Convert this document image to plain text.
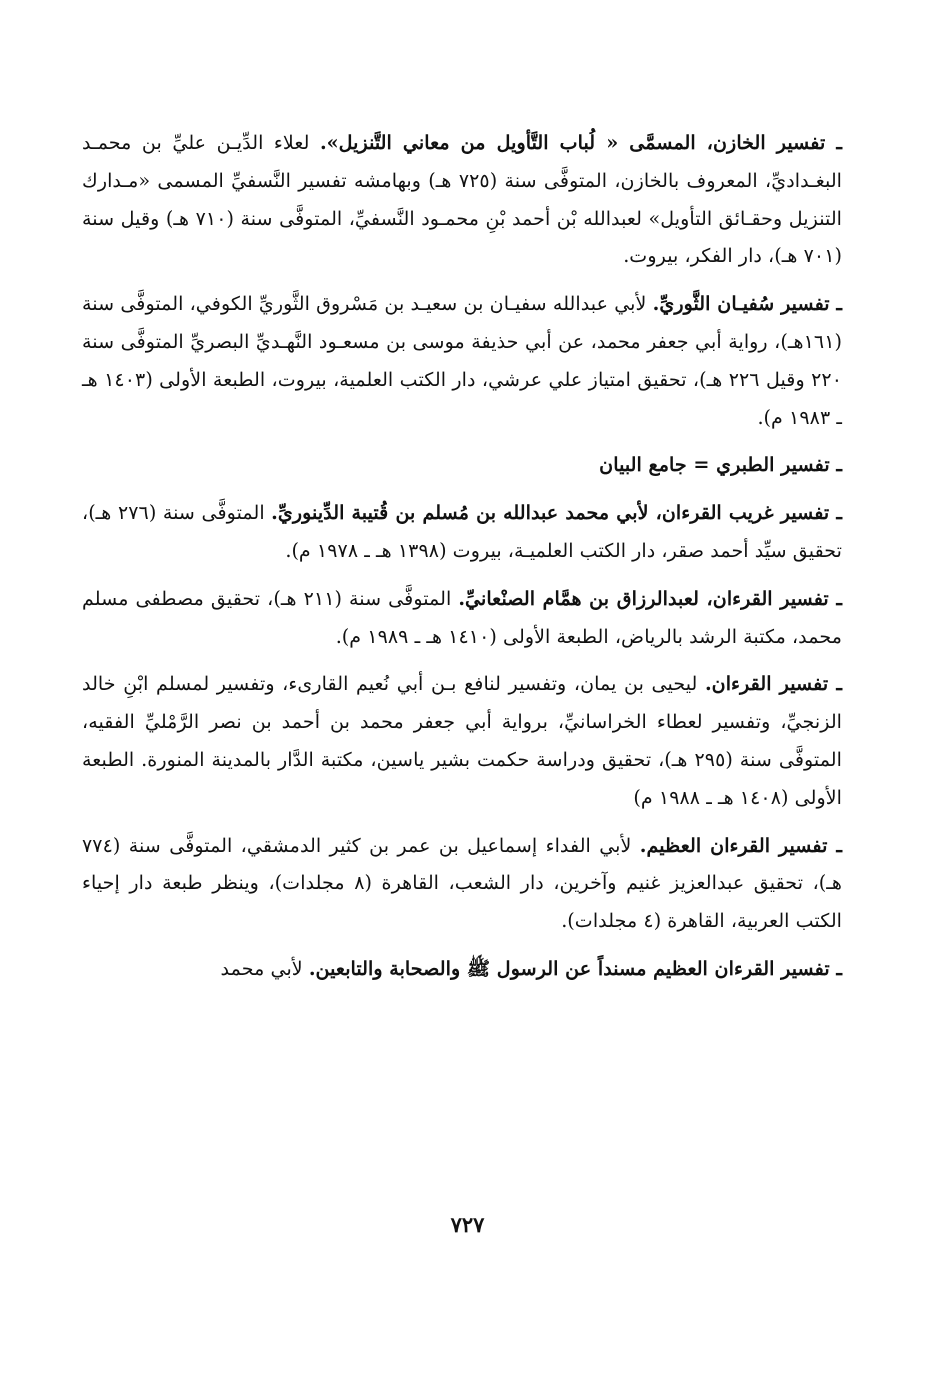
ـ تفسير الخازن، المسمَّى « لُباب التَّأويل من معاني التَّنزيل». لعلاء الدِّيـن عليِّ بن محمـد البغـداديِّ، المعروف بالخازن، المتوفَّى سنة (٧٢٥ هـ) وبهامشه تفسير النَّسفيِّ المسمى «مـدارك التنزيل وحقـائق التأويل» لعبدالله بْن أحمد بْنِ محمـود النَّسفيِّ، المتوفَّى سنة (٧١٠ هـ) وقيل سنة (٧٠١ هـ)، دار الفكر، بيروت.

ـ تفسير سُفيـان الثَّوريِّ. لأبي عبدالله سفيـان بن سعيـد بن مَسْروق الثَّوريِّ الكوفي، المتوفَّى سنة (١٦١هـ)، رواية أبي جعفر محمد، عن أبي حذيفة موسى بن مسعـود النَّهـديِّ البصريِّ المتوفَّى سنة ٢٢٠ وقيل ٢٢٦ هـ)، تحقيق امتياز علي عرشي، دار الكتب العلمية، بيروت، الطبعة الأولى (١٤٠٣ هـ ـ ١٩٨٣ م).

ـ تفسير الطبري = جامع البيان

ـ تفسير غريب القرءان، لأبي محمد عبدالله بن مُسلم بن قُتيبة الدِّينوريِّ. المتوفَّى سنة (٢٧٦ هـ)، تحقيق سيِّد أحمد صقر، دار الكتب العلميـة، بيروت (١٣٩٨ هـ ـ ١٩٧٨ م).

ـ تفسير القرءان، لعبدالرزاق بن همَّام الصنْعانيِّ. المتوفَّى سنة (٢١١ هـ)، تحقيق مصطفى مسلم محمد، مكتبة الرشد بالرياض، الطبعة الأولى (١٤١٠ هـ ـ ١٩٨٩ م).

ـ تفسير القرءان. ليحيى بن يمان، وتفسير لنافع بـن أبي نُعيم القارىء، وتفسير لمسلم ابْنِ خالد الزنجيِّ، وتفسير لعطاء الخراسانيِّ، برواية أبي جعفر محمد بن أحمد بن نصر الرَّمْليِّ الفقيه، المتوفَّى سنة (٢٩٥ هـ)، تحقيق ودراسة حكمت بشير ياسين، مكتبة الدَّار بالمدينة المنورة. الطبعة الأولى (١٤٠٨ هـ ـ ١٩٨٨ م)

ـ تفسير القرءان العظيم. لأبي الفداء إسماعيل بن عمر بن كثير الدمشقي، المتوفَّى سنة (٧٧٤ هـ)، تحقيق عبدالعزيز غنيم وآخرين، دار الشعب، القاهرة (٨ مجلدات)، وينظر طبعة دار إحياء الكتب العربية، القاهرة (٤ مجلدات).

ـ تفسير القرءان العظيم مسنداً عن الرسول ﷺ والصحابة والتابعين. لأبي محمد

٧٢٧
